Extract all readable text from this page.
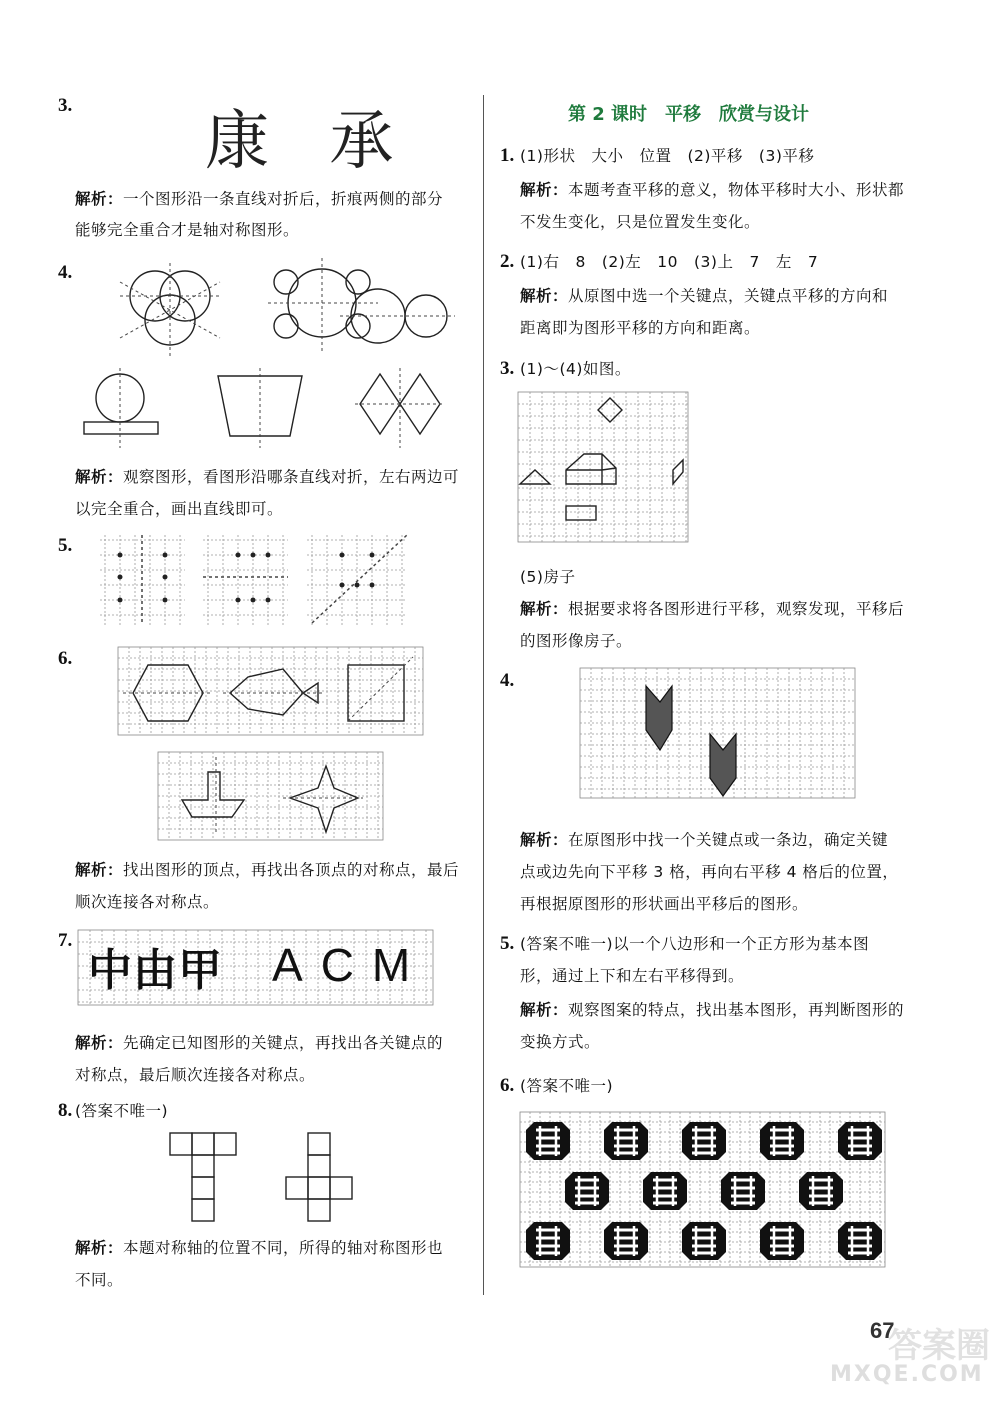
3. 康 承
解析：一个图形沿一条直线对折后，折痕两侧的部分
能够完全重合才是轴对称图形。
4.
解析：观察图形，看图形沿哪条直线对折，左右两边可
以完全重合，画出直线即可。
5.
6.
解析：找出图形的顶点，再找出各顶点的对称点，最后
顺次连接各对称点。
7.
中由甲 ACM
解析：先确定已知图形的关键点，再找出各关键点的
对称点，最后顺次连接各对称点。
8. (答案不唯一)
解析：本题对称轴的位置不同，所得的轴对称图形也
不同。
第 2 课时　平移　欣赏与设计
1. (1)形状　大小　位置　(2)平移　(3)平移
解析：本题考查平移的意义，物体平移时大小、形状都
不发生变化，只是位置发生变化。
2. (1)右　8　(2)左　10　(3)上　7　左　7
解析：从原图中选一个关键点，关键点平移的方向和
距离即为图形平移的方向和距离。
3. (1)～(4)如图。
(5)房子
解析：根据要求将各图形进行平移，观察发现，平移后
的图形像房子。
4.
解析：在原图形中找一个关键点或一条边，确定关键
点或边先向下平移 3 格，再向右平移 4 格后的位置，
再根据原图形的形状画出平移后的图形。
5. (答案不唯一)以一个八边形和一个正方形为基本图
形，通过上下和左右平移得到。
解析：观察图案的特点，找出基本图形，再判断图形的
变换方式。
6. (答案不唯一)
67
答案圈
MXQE.COM
